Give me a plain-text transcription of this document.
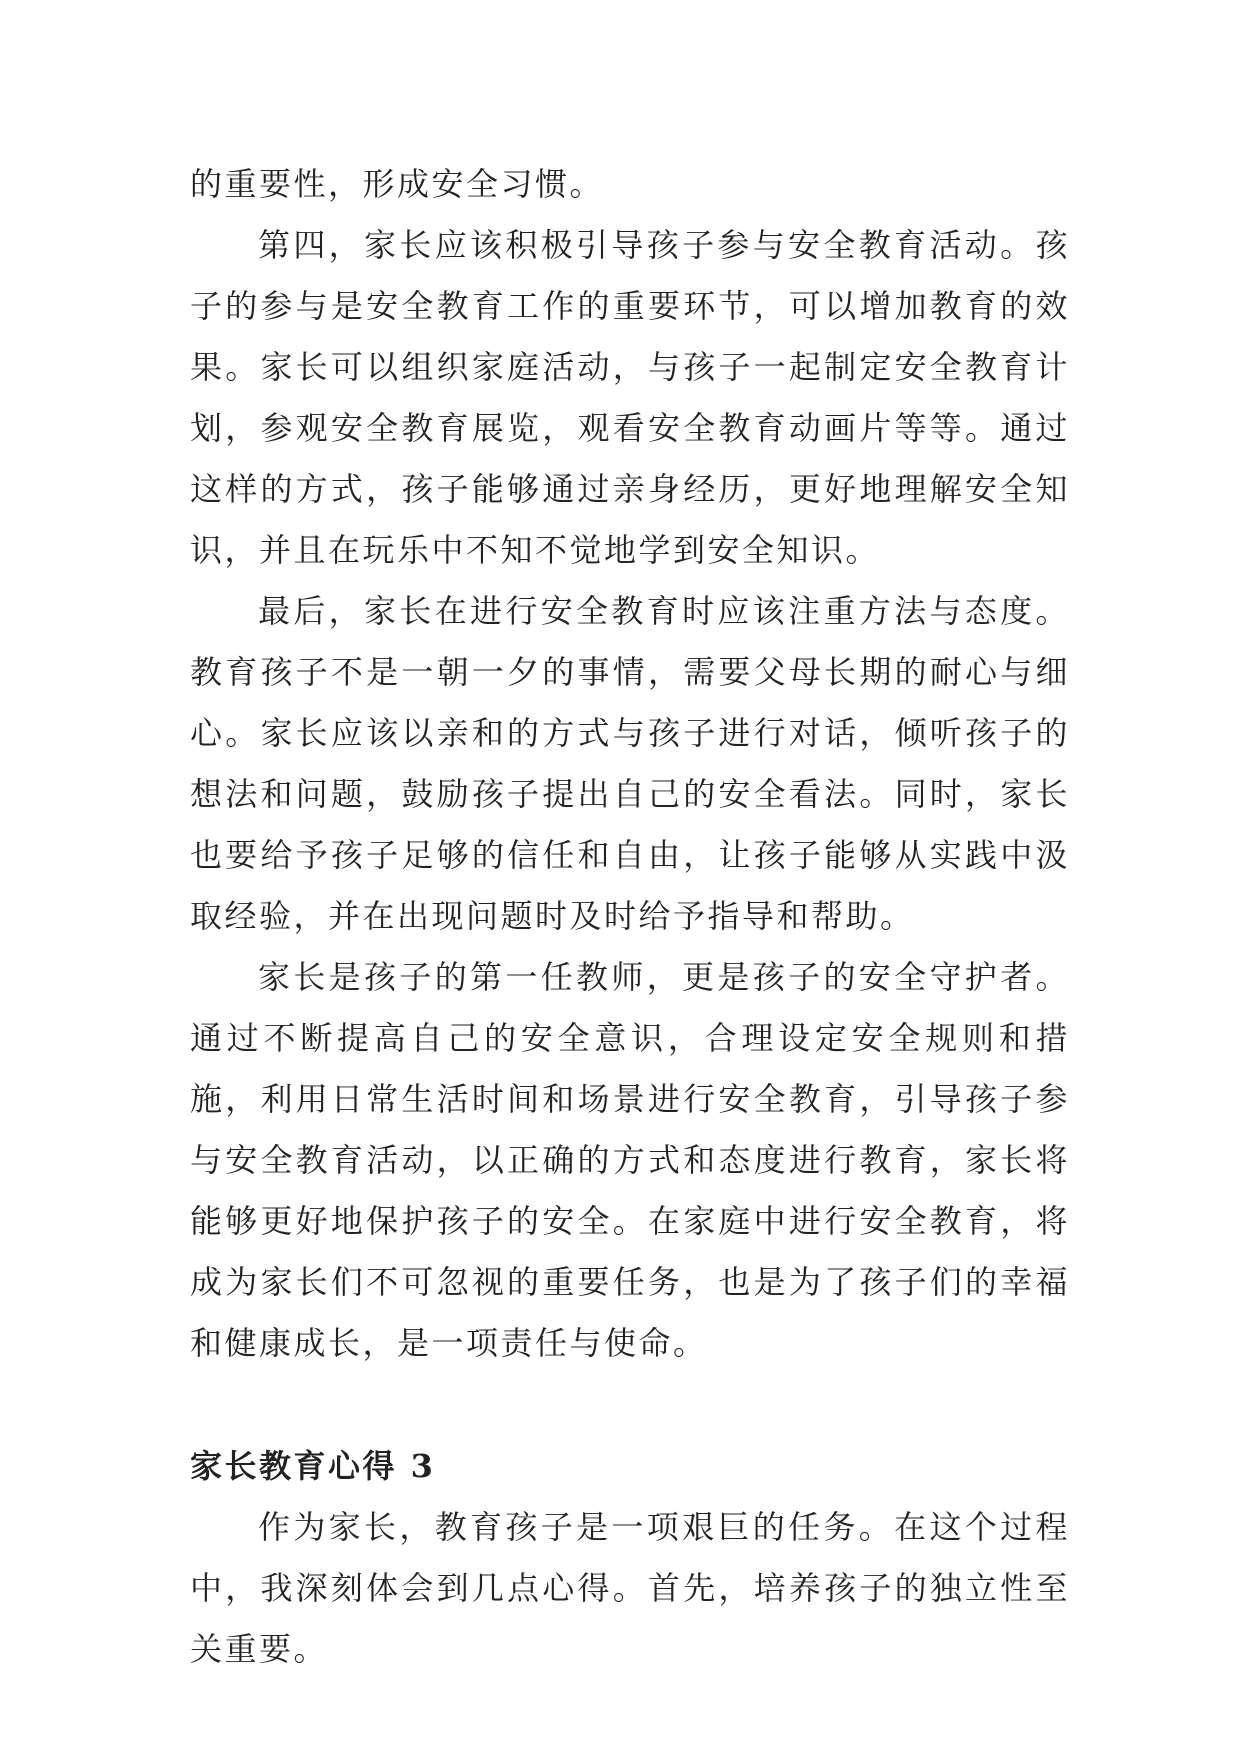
的重要性，形成安全习惯。

第四，家长应该积极引导孩子参与安全教育活动。孩子的参与是安全教育工作的重要环节，可以增加教育的效果。家长可以组织家庭活动，与孩子一起制定安全教育计划，参观安全教育展览，观看安全教育动画片等等。通过这样的方式，孩子能够通过亲身经历，更好地理解安全知识，并且在玩乐中不知不觉地学到安全知识。

最后，家长在进行安全教育时应该注重方法与态度。教育孩子不是一朝一夕的事情，需要父母长期的耐心与细心。家长应该以亲和的方式与孩子进行对话，倾听孩子的想法和问题，鼓励孩子提出自己的安全看法。同时，家长也要给予孩子足够的信任和自由，让孩子能够从实践中汲取经验，并在出现问题时及时给予指导和帮助。

家长是孩子的第一任教师，更是孩子的安全守护者。通过不断提高自己的安全意识，合理设定安全规则和措施，利用日常生活时间和场景进行安全教育，引导孩子参与安全教育活动，以正确的方式和态度进行教育，家长将能够更好地保护孩子的安全。在家庭中进行安全教育，将成为家长们不可忽视的重要任务，也是为了孩子们的幸福和健康成长，是一项责任与使命。

家长教育心得 3

作为家长，教育孩子是一项艰巨的任务。在这个过程中，我深刻体会到几点心得。首先，培养孩子的独立性至关重要。
